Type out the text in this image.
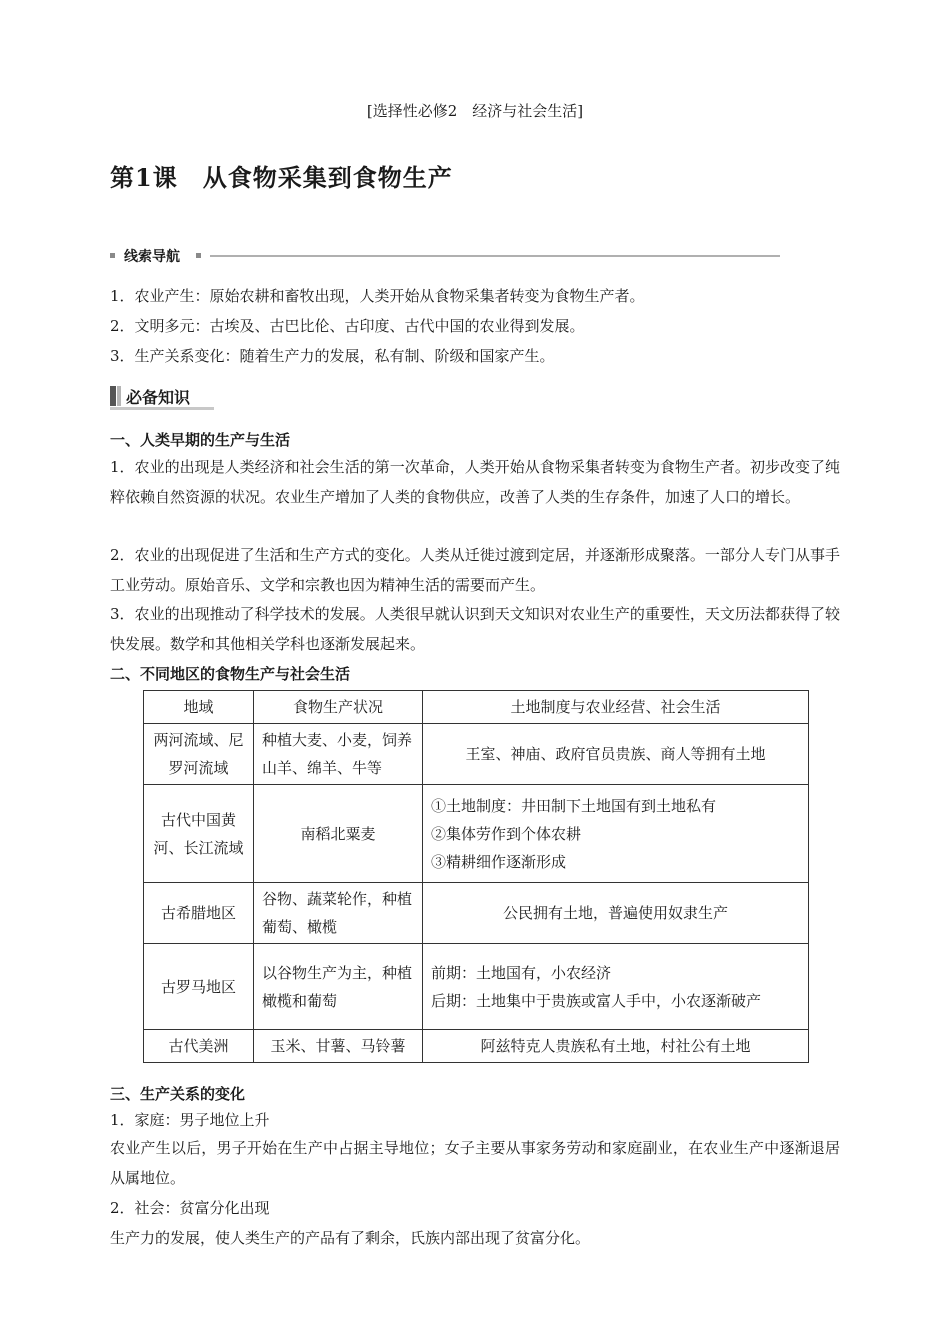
[选择性必修2　经济与社会生活]
第1课　从食物采集到食物生产
线索导航
1．农业产生：原始农耕和畜牧出现，人类开始从食物采集者转变为食物生产者。
2．文明多元：古埃及、古巴比伦、古印度、古代中国的农业得到发展。
3．生产关系变化：随着生产力的发展，私有制、阶级和国家产生。
必备知识
一、人类早期的生产与生活
1．农业的出现是人类经济和社会生活的第一次革命，人类开始从食物采集者转变为食物生产者。初步改变了纯粹依赖自然资源的状况。农业生产增加了人类的食物供应，改善了人类的生存条件，加速了人口的增长。
2．农业的出现促进了生活和生产方式的变化。人类从迁徙过渡到定居，并逐渐形成聚落。一部分人专门从事手工业劳动。原始音乐、文学和宗教也因为精神生活的需要而产生。
3．农业的出现推动了科学技术的发展。人类很早就认识到天文知识对农业生产的重要性，天文历法都获得了较快发展。数学和其他相关学科也逐渐发展起来。
二、不同地区的食物生产与社会生活
地域	食物生产状况	土地制度与农业经营、社会生活
两河流域、尼罗河流域	种植大麦、小麦，饲养山羊、绵羊、牛等	王室、神庙、政府官员贵族、商人等拥有土地

古代中国黄河、长江流域	南稻北粟麦	①土地制度：井田制下土地国有到土地私有
②集体劳作到个体农耕
③精耕细作逐渐形成

古希腊地区	谷物、蔬菜轮作，种植葡萄、橄榄	公民拥有土地，普遍使用奴隶生产

古罗马地区	以谷物生产为主，种植橄榄和葡萄	前期：土地国有，小农经济
后期：土地集中于贵族或富人手中，小农逐渐破产

古代美洲	玉米、甘薯、马铃薯	阿兹特克人贵族私有土地，村社公有土地
三、生产关系的变化
1．家庭：男子地位上升
农业产生以后，男子开始在生产中占据主导地位；女子主要从事家务劳动和家庭副业，在农业生产中逐渐退居从属地位。
2．社会：贫富分化出现
生产力的发展，使人类生产的产品有了剩余，氏族内部出现了贫富分化。
